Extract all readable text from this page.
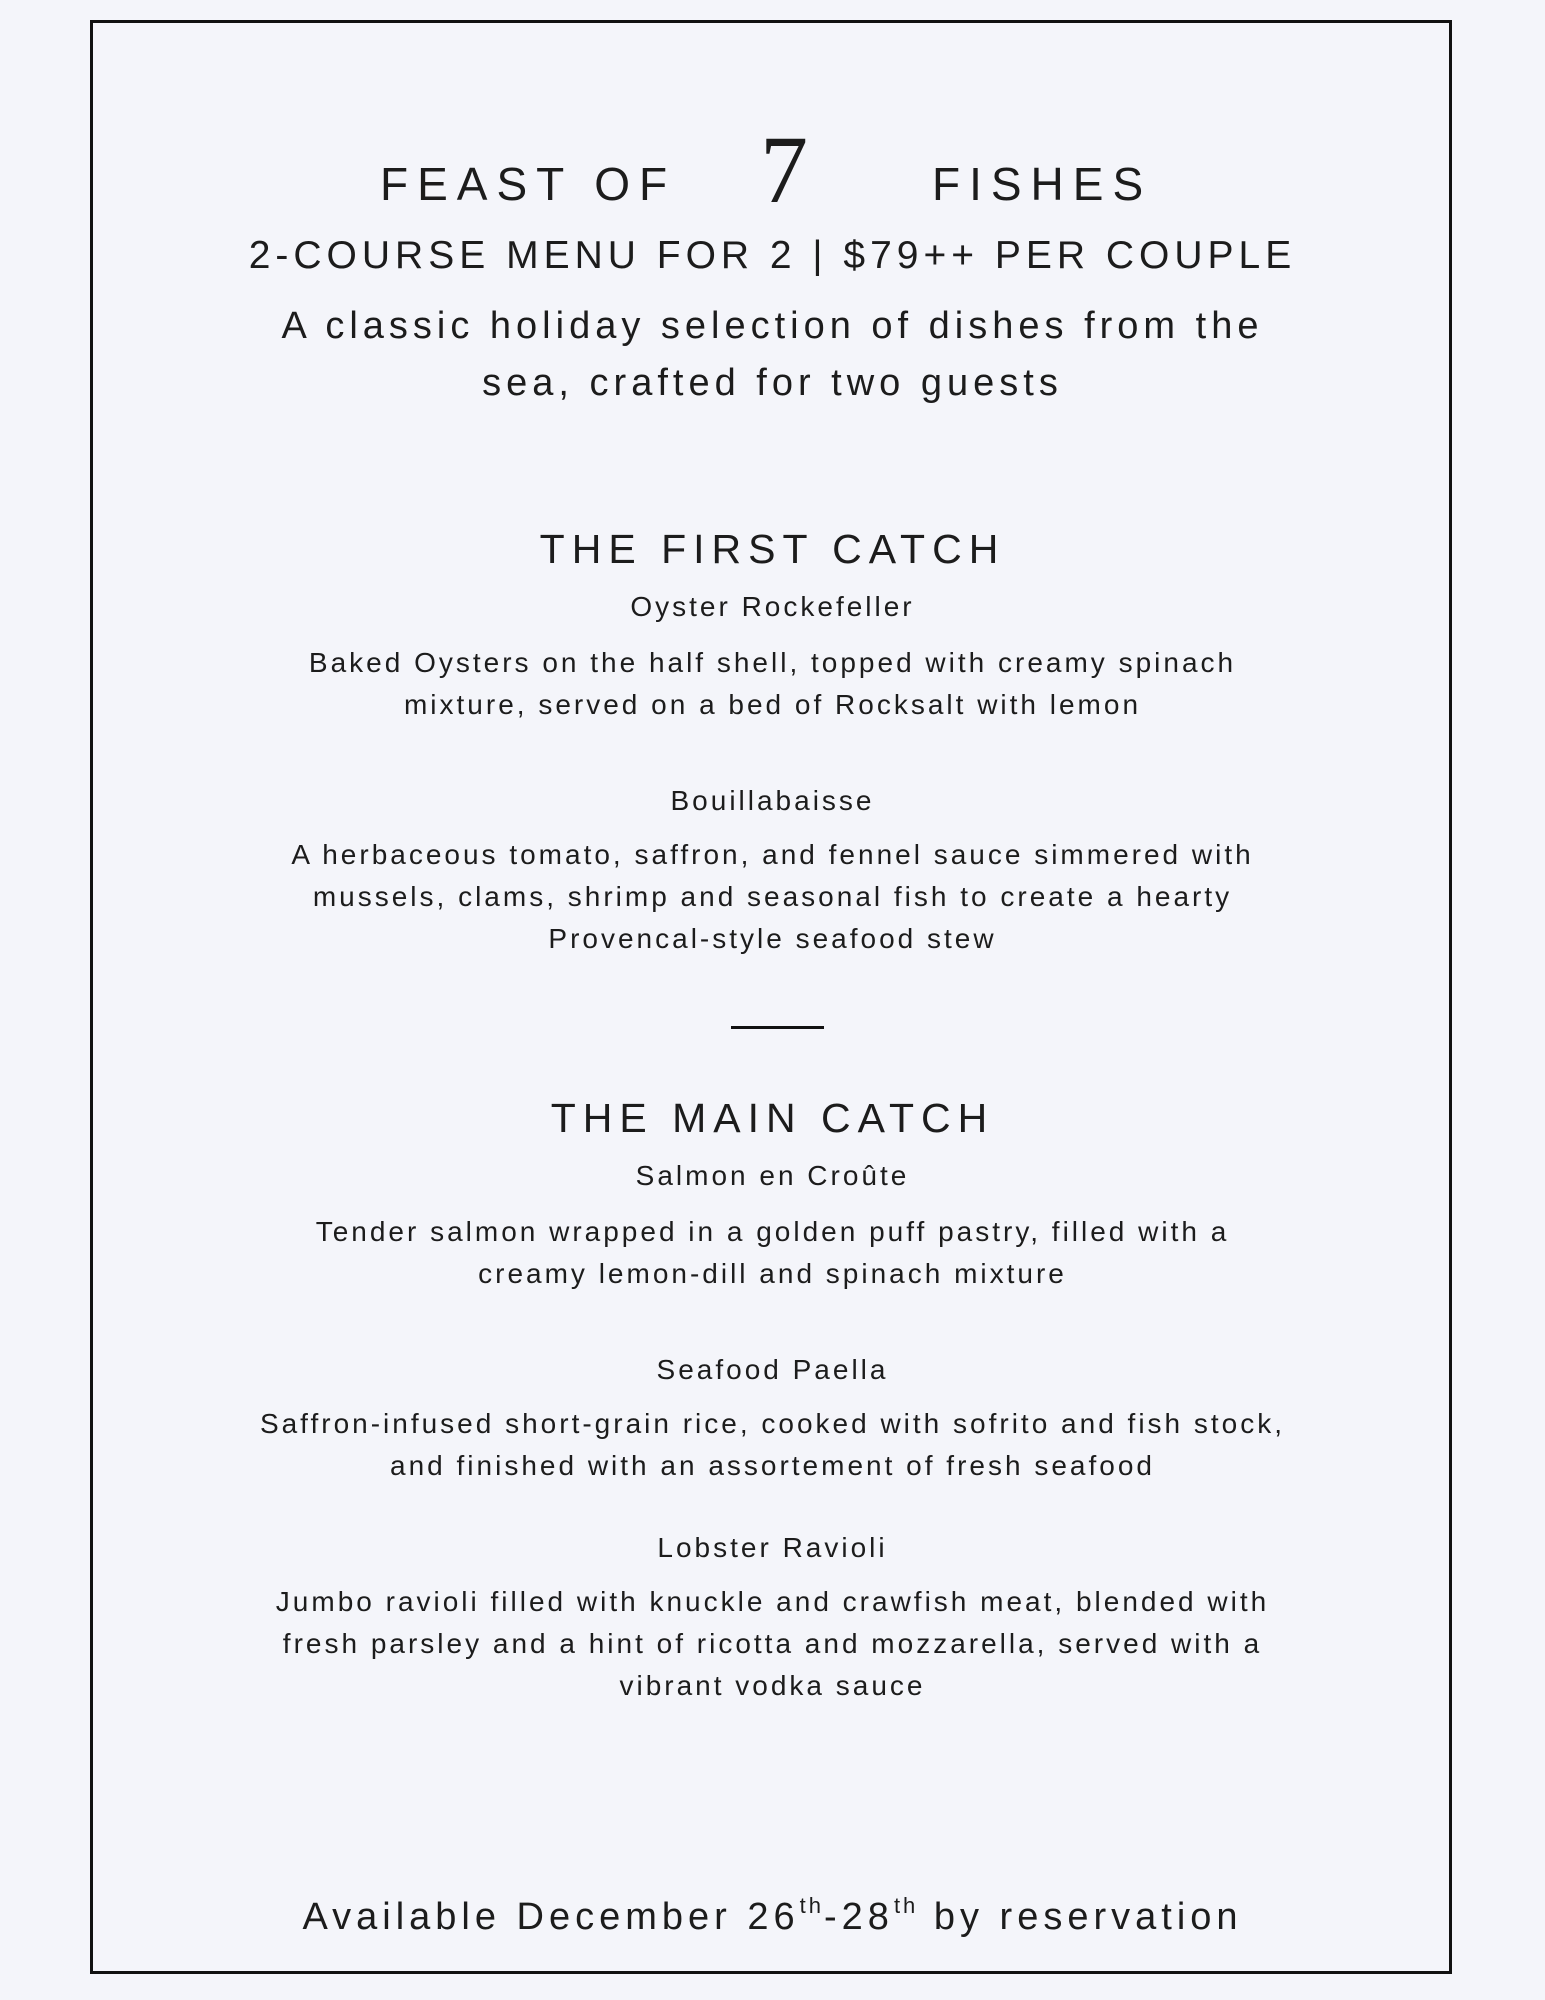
FEAST OF 7	FISHES
2-COURSE MENU FOR 2 | $79++ PER COUPLE
A classic holiday selection of dishes from the
sea, crafted for two guests
THE FIRST CATCH
Oyster Rockefeller
Baked Oysters on the half shell, topped with creamy spinach
mixture, served on a bed of Rocksalt with lemon
Bouillabaisse
A herbaceous tomato, saffron, and fennel sauce simmered with
mussels, clams, shrimp and seasonal fish to create a hearty
Provencal-style seafood stew
THE MAIN CATCH
Salmon en Croûte
Tender salmon wrapped in a golden puff pastry, filled with a
creamy lemon-dill and spinach mixture
Seafood Paella
Saffron-infused short-grain rice, cooked with sofrito and fish stock,
and finished with an assortement of fresh seafood
Lobster Ravioli
Jumbo ravioli filled with knuckle and crawfish meat, blended with
fresh parsley and a hint of ricotta and mozzarella, served with a
vibrant vodka sauce
Available December 26th-28th by reservation
